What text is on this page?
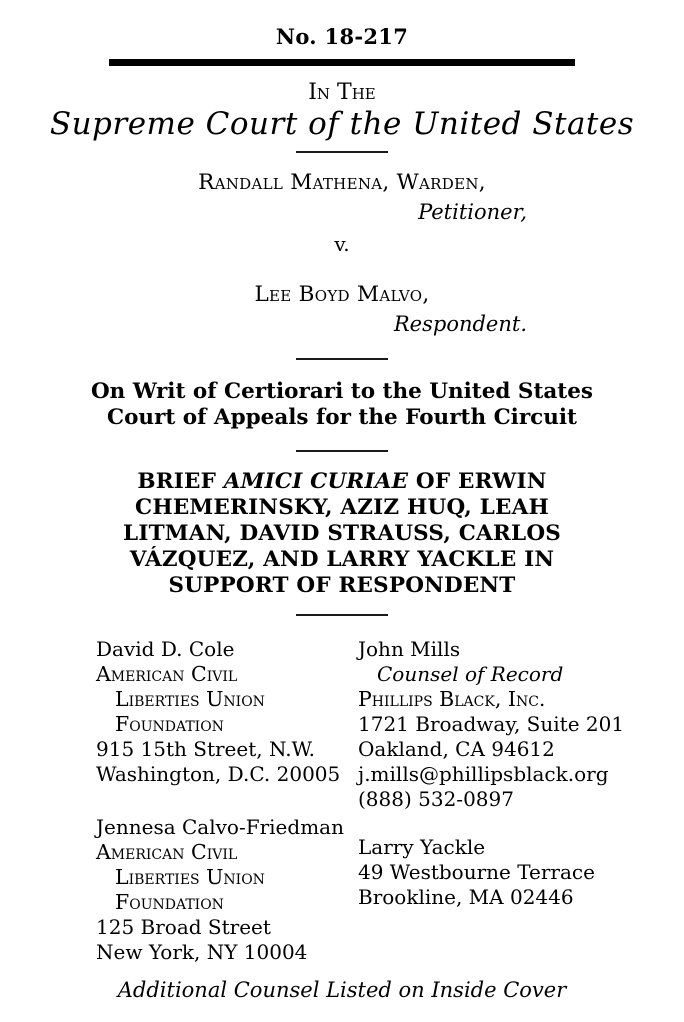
No. 18-217
In The
Supreme Court of the United States
Randall Mathena, Warden,
Petitioner,
v.
Lee Boyd Malvo,
Respondent.
On Writ of Certiorari to the United States
Court of Appeals for the Fourth Circuit
BRIEF AMICI CURIAE OF ERWIN
CHEMERINSKY, AZIZ HUQ, LEAH
LITMAN, DAVID STRAUSS, CARLOS
VÁZQUEZ, AND LARRY YACKLE IN
SUPPORT OF RESPONDENT
David D. Cole
American Civil
Liberties Union
Foundation
915 15th Street, N.W.
Washington, D.C. 20005
Jennesa Calvo-Friedman
American Civil
Liberties Union
Foundation
125 Broad Street
New York, NY 10004
John Mills
Counsel of Record
Phillips Black, Inc.
1721 Broadway, Suite 201
Oakland, CA 94612
j.mills@phillipsblack.org
(888) 532-0897
Larry Yackle
49 Westbourne Terrace
Brookline, MA 02446
Additional Counsel Listed on Inside Cover
